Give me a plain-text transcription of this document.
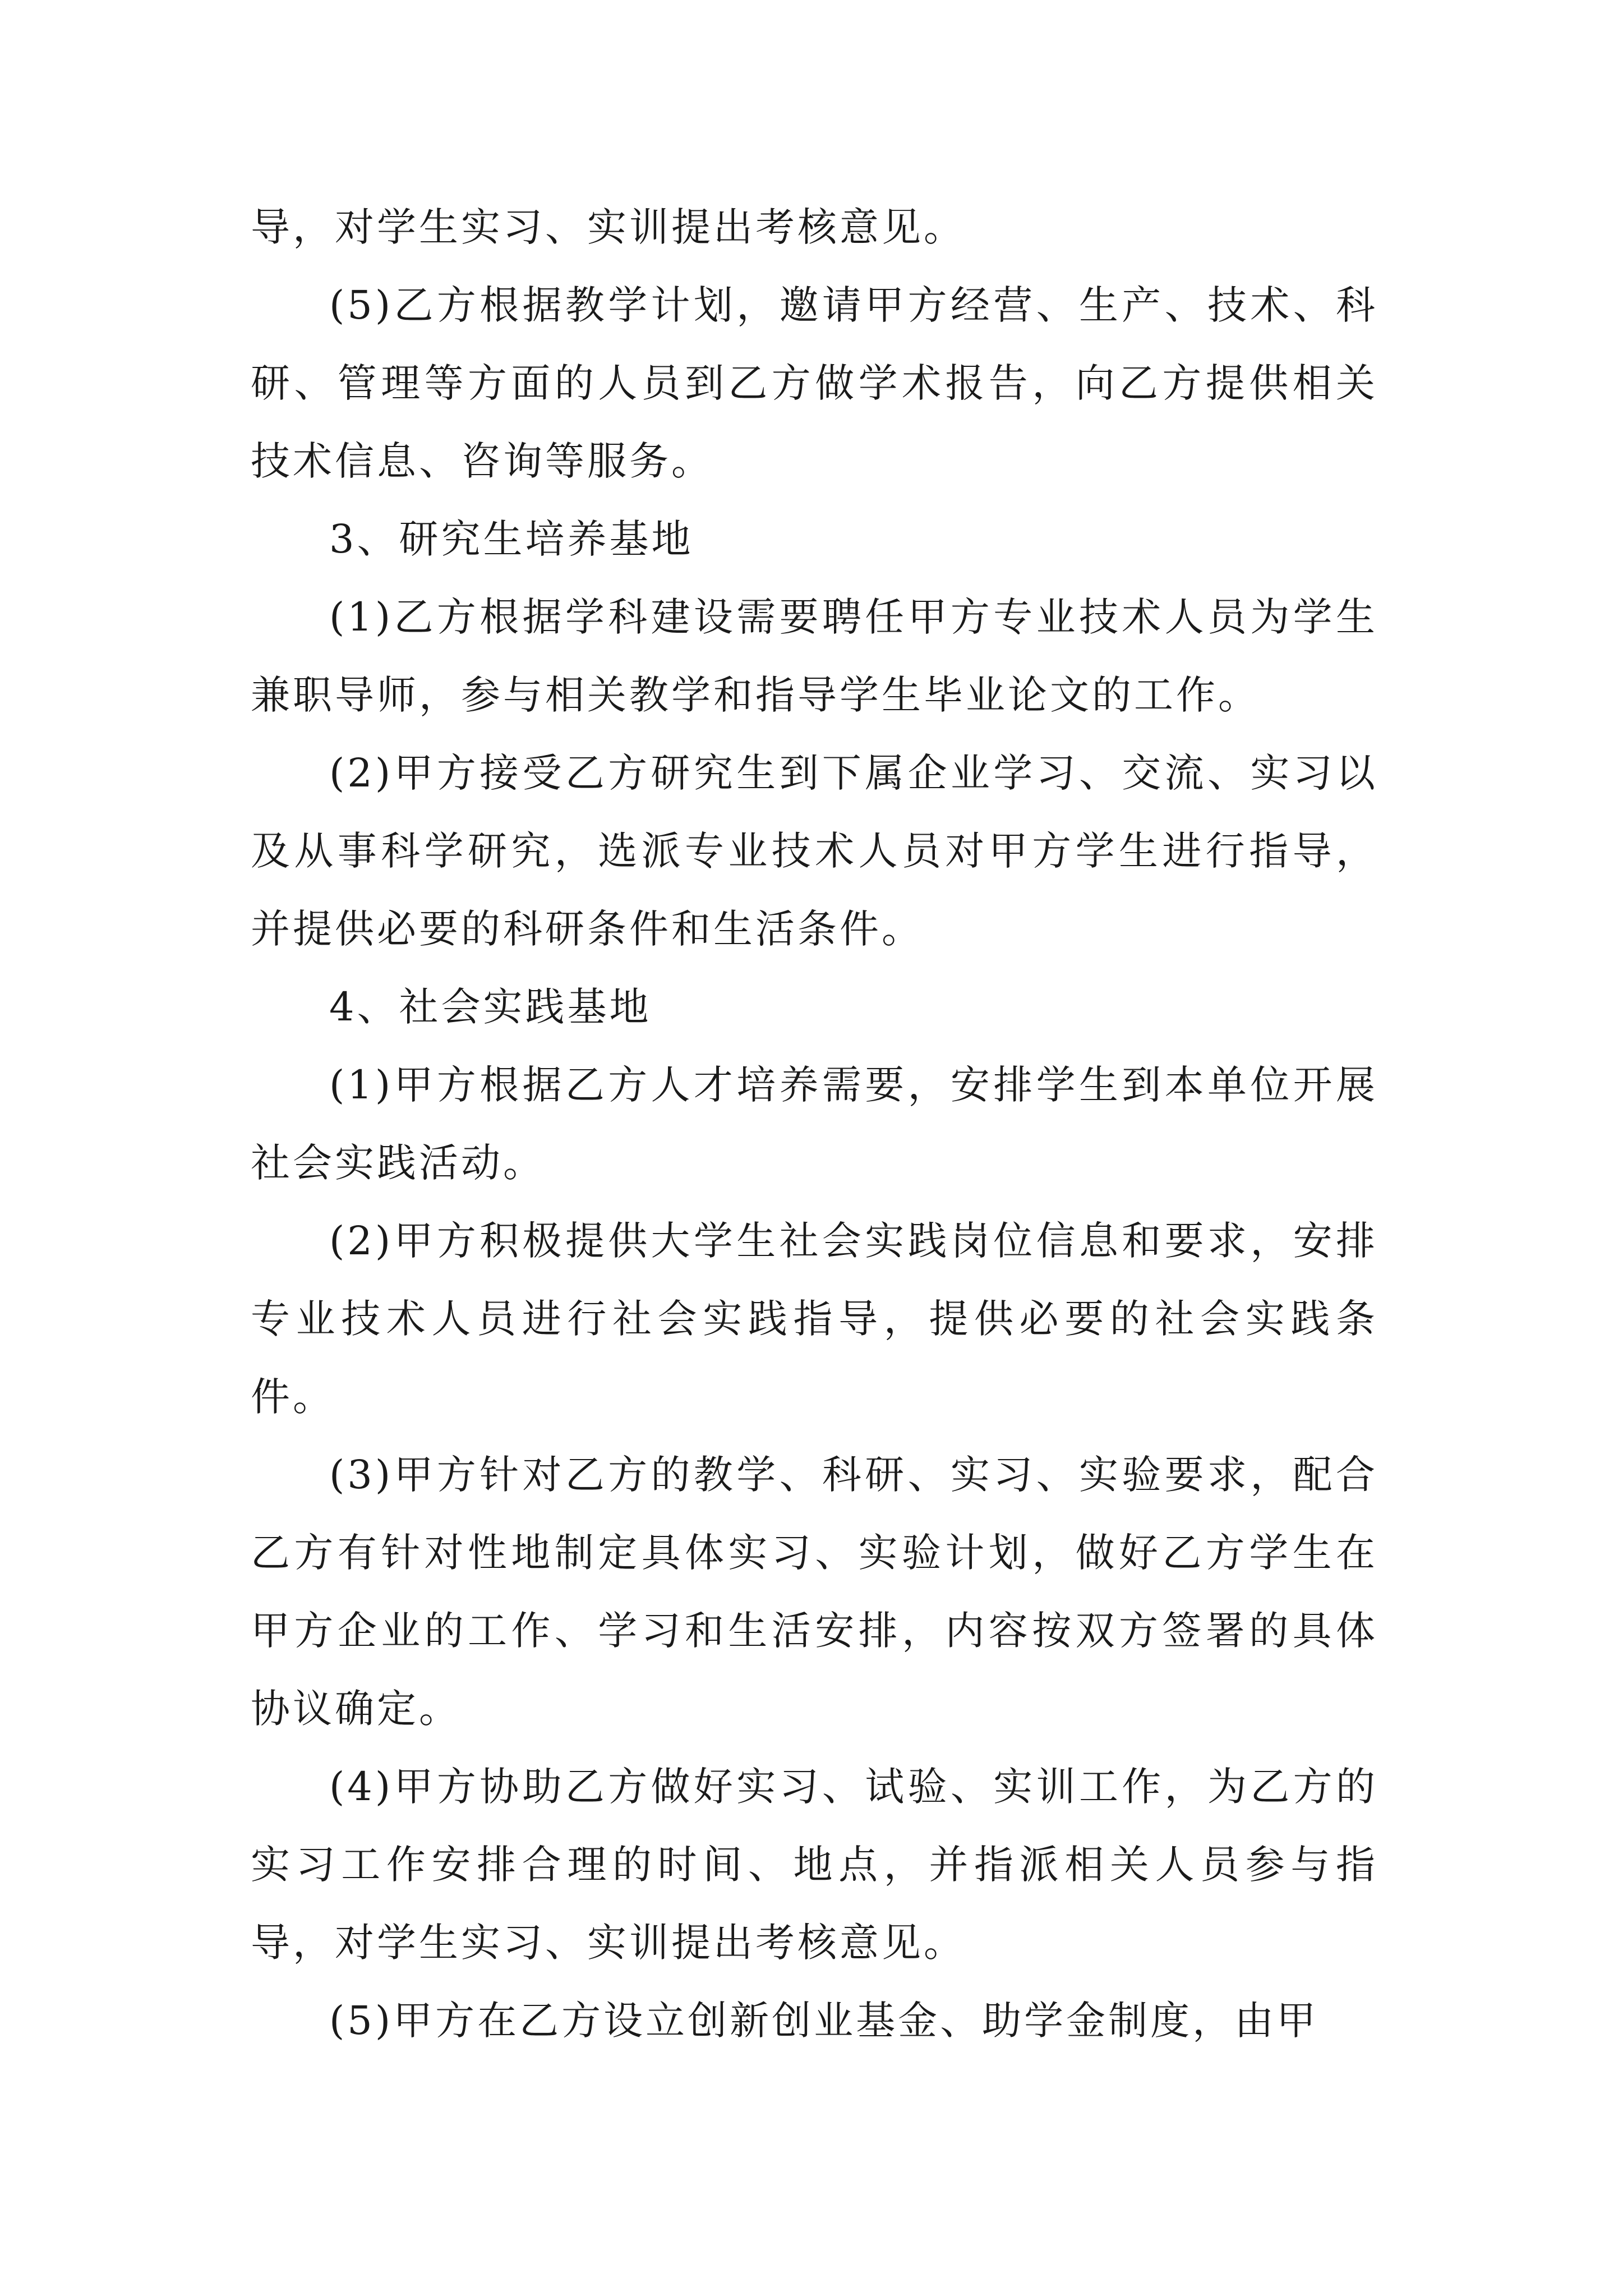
导，对学生实习、实训提出考核意见。

(5)乙方根据教学计划，邀请甲方经营、生产、技术、科研、管理等方面的人员到乙方做学术报告，向乙方提供相关技术信息、咨询等服务。

3、研究生培养基地

(1)乙方根据学科建设需要聘任甲方专业技术人员为学生兼职导师，参与相关教学和指导学生毕业论文的工作。

(2)甲方接受乙方研究生到下属企业学习、交流、实习以及从事科学研究，选派专业技术人员对甲方学生进行指导，并提供必要的科研条件和生活条件。

4、社会实践基地

(1)甲方根据乙方人才培养需要，安排学生到本单位开展社会实践活动。

(2)甲方积极提供大学生社会实践岗位信息和要求，安排专业技术人员进行社会实践指导，提供必要的社会实践条件。

(3)甲方针对乙方的教学、科研、实习、实验要求，配合乙方有针对性地制定具体实习、实验计划，做好乙方学生在甲方企业的工作、学习和生活安排，内容按双方签署的具体协议确定。

(4)甲方协助乙方做好实习、试验、实训工作，为乙方的实习工作安排合理的时间、地点，并指派相关人员参与指导，对学生实习、实训提出考核意见。

(5)甲方在乙方设立创新创业基金、助学金制度，由甲
